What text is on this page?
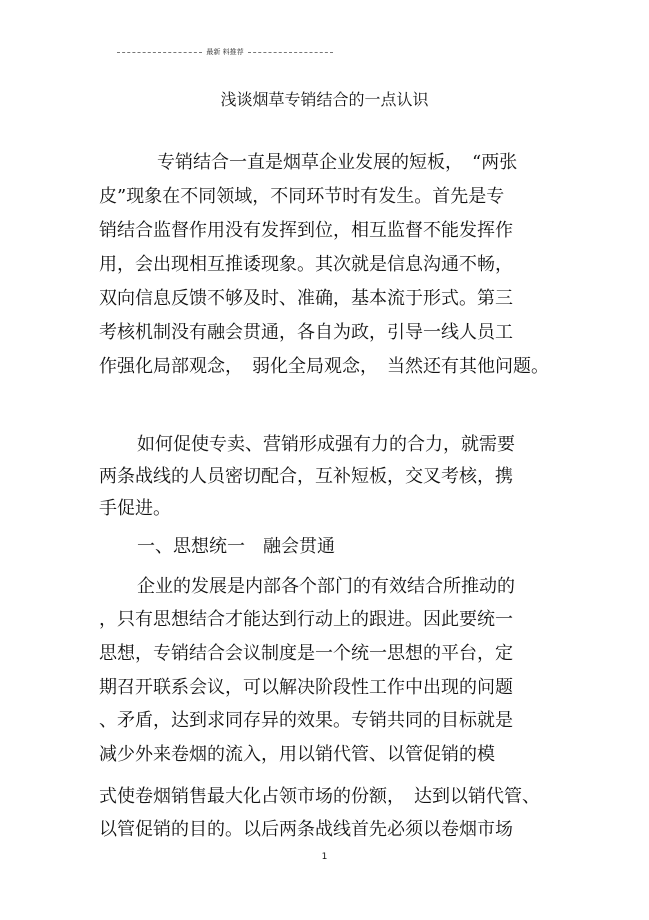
最新 料推荐
浅谈烟草专销结合的一点认识
专销结合一直是烟草企业发展的短板，　“两张
皮”现象在不同领域，不同环节时有发生。首先是专
销结合监督作用没有发挥到位，相互监督不能发挥作
用，会出现相互推诿现象。其次就是信息沟通不畅，
双向信息反馈不够及时、准确，基本流于形式。第三
考核机制没有融会贯通，各自为政，引导一线人员工
作强化局部观念，　弱化全局观念，　当然还有其他问题。
如何促使专卖、营销形成强有力的合力，就需要
两条战线的人员密切配合，互补短板，交叉考核，携
手促进。
一、思想统一　融会贯通
企业的发展是内部各个部门的有效结合所推动的
，只有思想结合才能达到行动上的跟进。因此要统一
思想，专销结合会议制度是一个统一思想的平台，定
期召开联系会议，可以解决阶段性工作中出现的问题
、矛盾，达到求同存异的效果。专销共同的目标就是
减少外来卷烟的流入，用以销代管、以管促销的模
式使卷烟销售最大化占领市场的份额，　达到以销代管、
以管促销的目的。以后两条战线首先必须以卷烟市场
1
